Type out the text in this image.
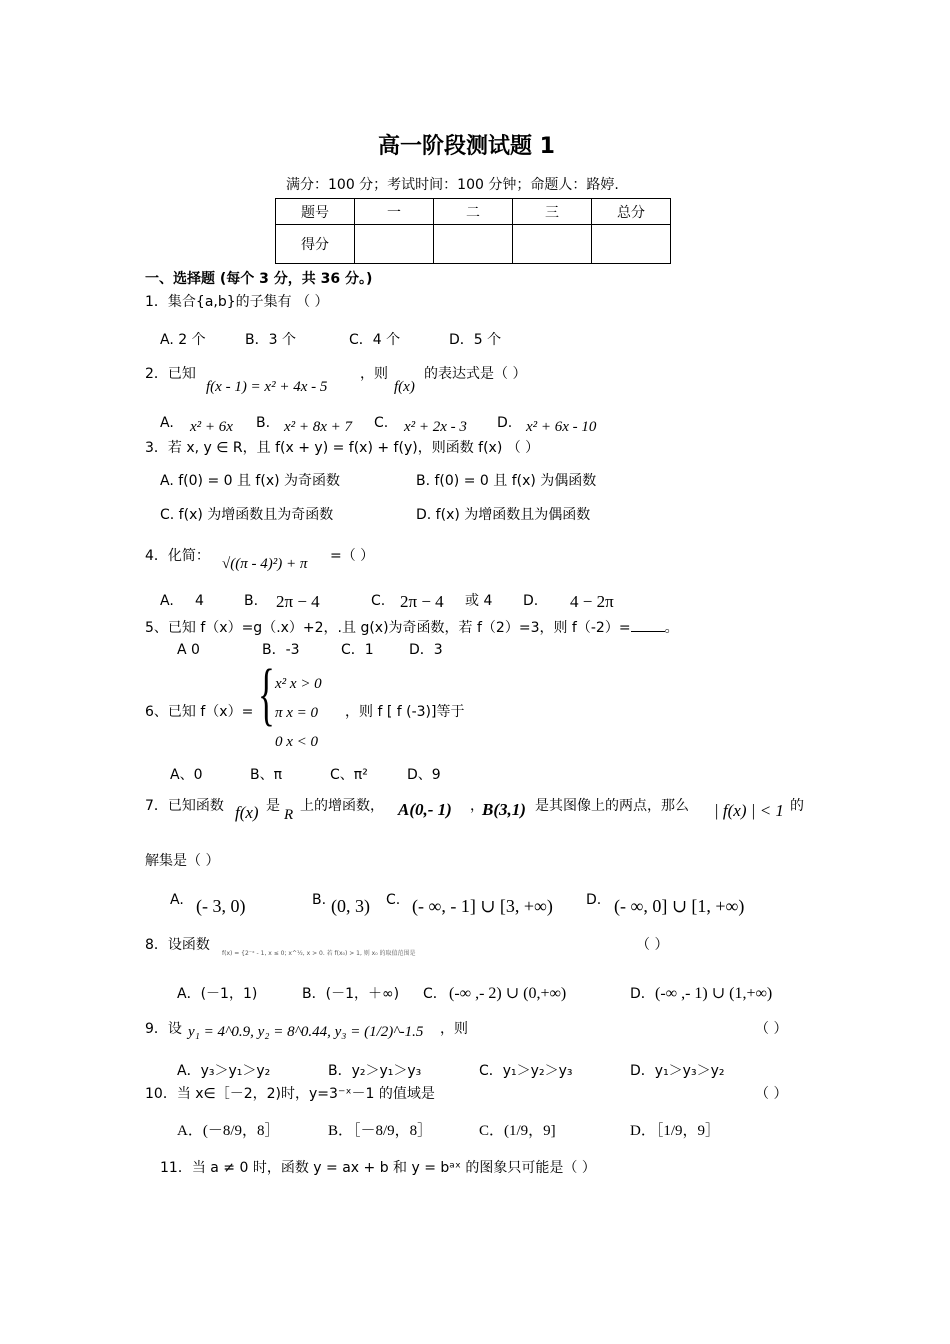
高一阶段测试题 1
满分：100 分；考试时间：100 分钟；命题人：路婷.
题号	一	二	三	总分
得分				
一、选择题 (每个 3 分，共 36 分。)
1．集合{a,b}的子集有 （ ）
A. 2 个	B．3 个	C．4 个	D．5 个
2．已知
f(x - 1) = x² + 4x - 5
，则
f(x)
的表达式是（ ）
A. x² + 6x B. x² + 8x + 7 C. x² + 2x - 3 D. x² + 6x - 10
3．若 x, y ∈ R，且 f(x + y) = f(x) + f(y)，则函数 f(x) （ ）
A. f(0) = 0 且 f(x) 为奇函数	B. f(0) = 0 且 f(x) 为偶函数
C. f(x) 为增函数且为奇函数	D. f(x) 为增函数且为偶函数
4．化简： √((π - 4)²) + π =（ ）
A. 4	B. 2π − 4	C. 2π − 4 或 4 D. 4 − 2π
5、已知 f（x）=g（.x）+2，.且 g(x)为奇函数，若 f（2）=3，则 f（-2）= 。
A 0	B．-3	C．1	D．3
6、已知 f（x）= { x² x > 0
π x = 0
0 x < 0
，则 f [ f (-3)]等于
A、0	B、π	C、π²	D、9
7．已知函数 f(x) 是
R
上的增函数， A(0,- 1) ，
B(3,1) 是其图像上的两点，那么 | f(x) | < 1 的
解集是（ ）
A. (- 3, 0)	B. (0, 3) C. (- ∞, - 1] ∪ [3, +∞) D. (- ∞, 0] ∪ [1, +∞)
8．设函数
f(x) = {2⁻ˣ - 1, x ≤ 0; x^½, x > 0. 若 f(x₀) > 1, 则 x₀ 的取值范围是
（ ）
A．(－1，1)	B．(－1，＋∞) C． (-∞ ,- 2) ∪ (0,+∞)	D． (-∞ ,- 1) ∪ (1,+∞)
9．设 y₁ = 4^0.9, y₂ = 8^0.44, y₃ = (1/2)^-1.5 ，则	（ ）
A．y₃＞y₁＞y₂	B．y₂＞y₁＞y₃	C．y₁＞y₂＞y₃	D．y₁＞y₃＞y₂
10．当 x∈［－2，2)时，y=3⁻ˣ－1 的值域是	（ ）
A．(－8/9，8］	B．［－8/9，8］	C．(1/9，9]	D．［1/9，9］
11．当 a ≠ 0 时，函数 y = ax + b 和 y = bᵃˣ 的图象只可能是（ ）
